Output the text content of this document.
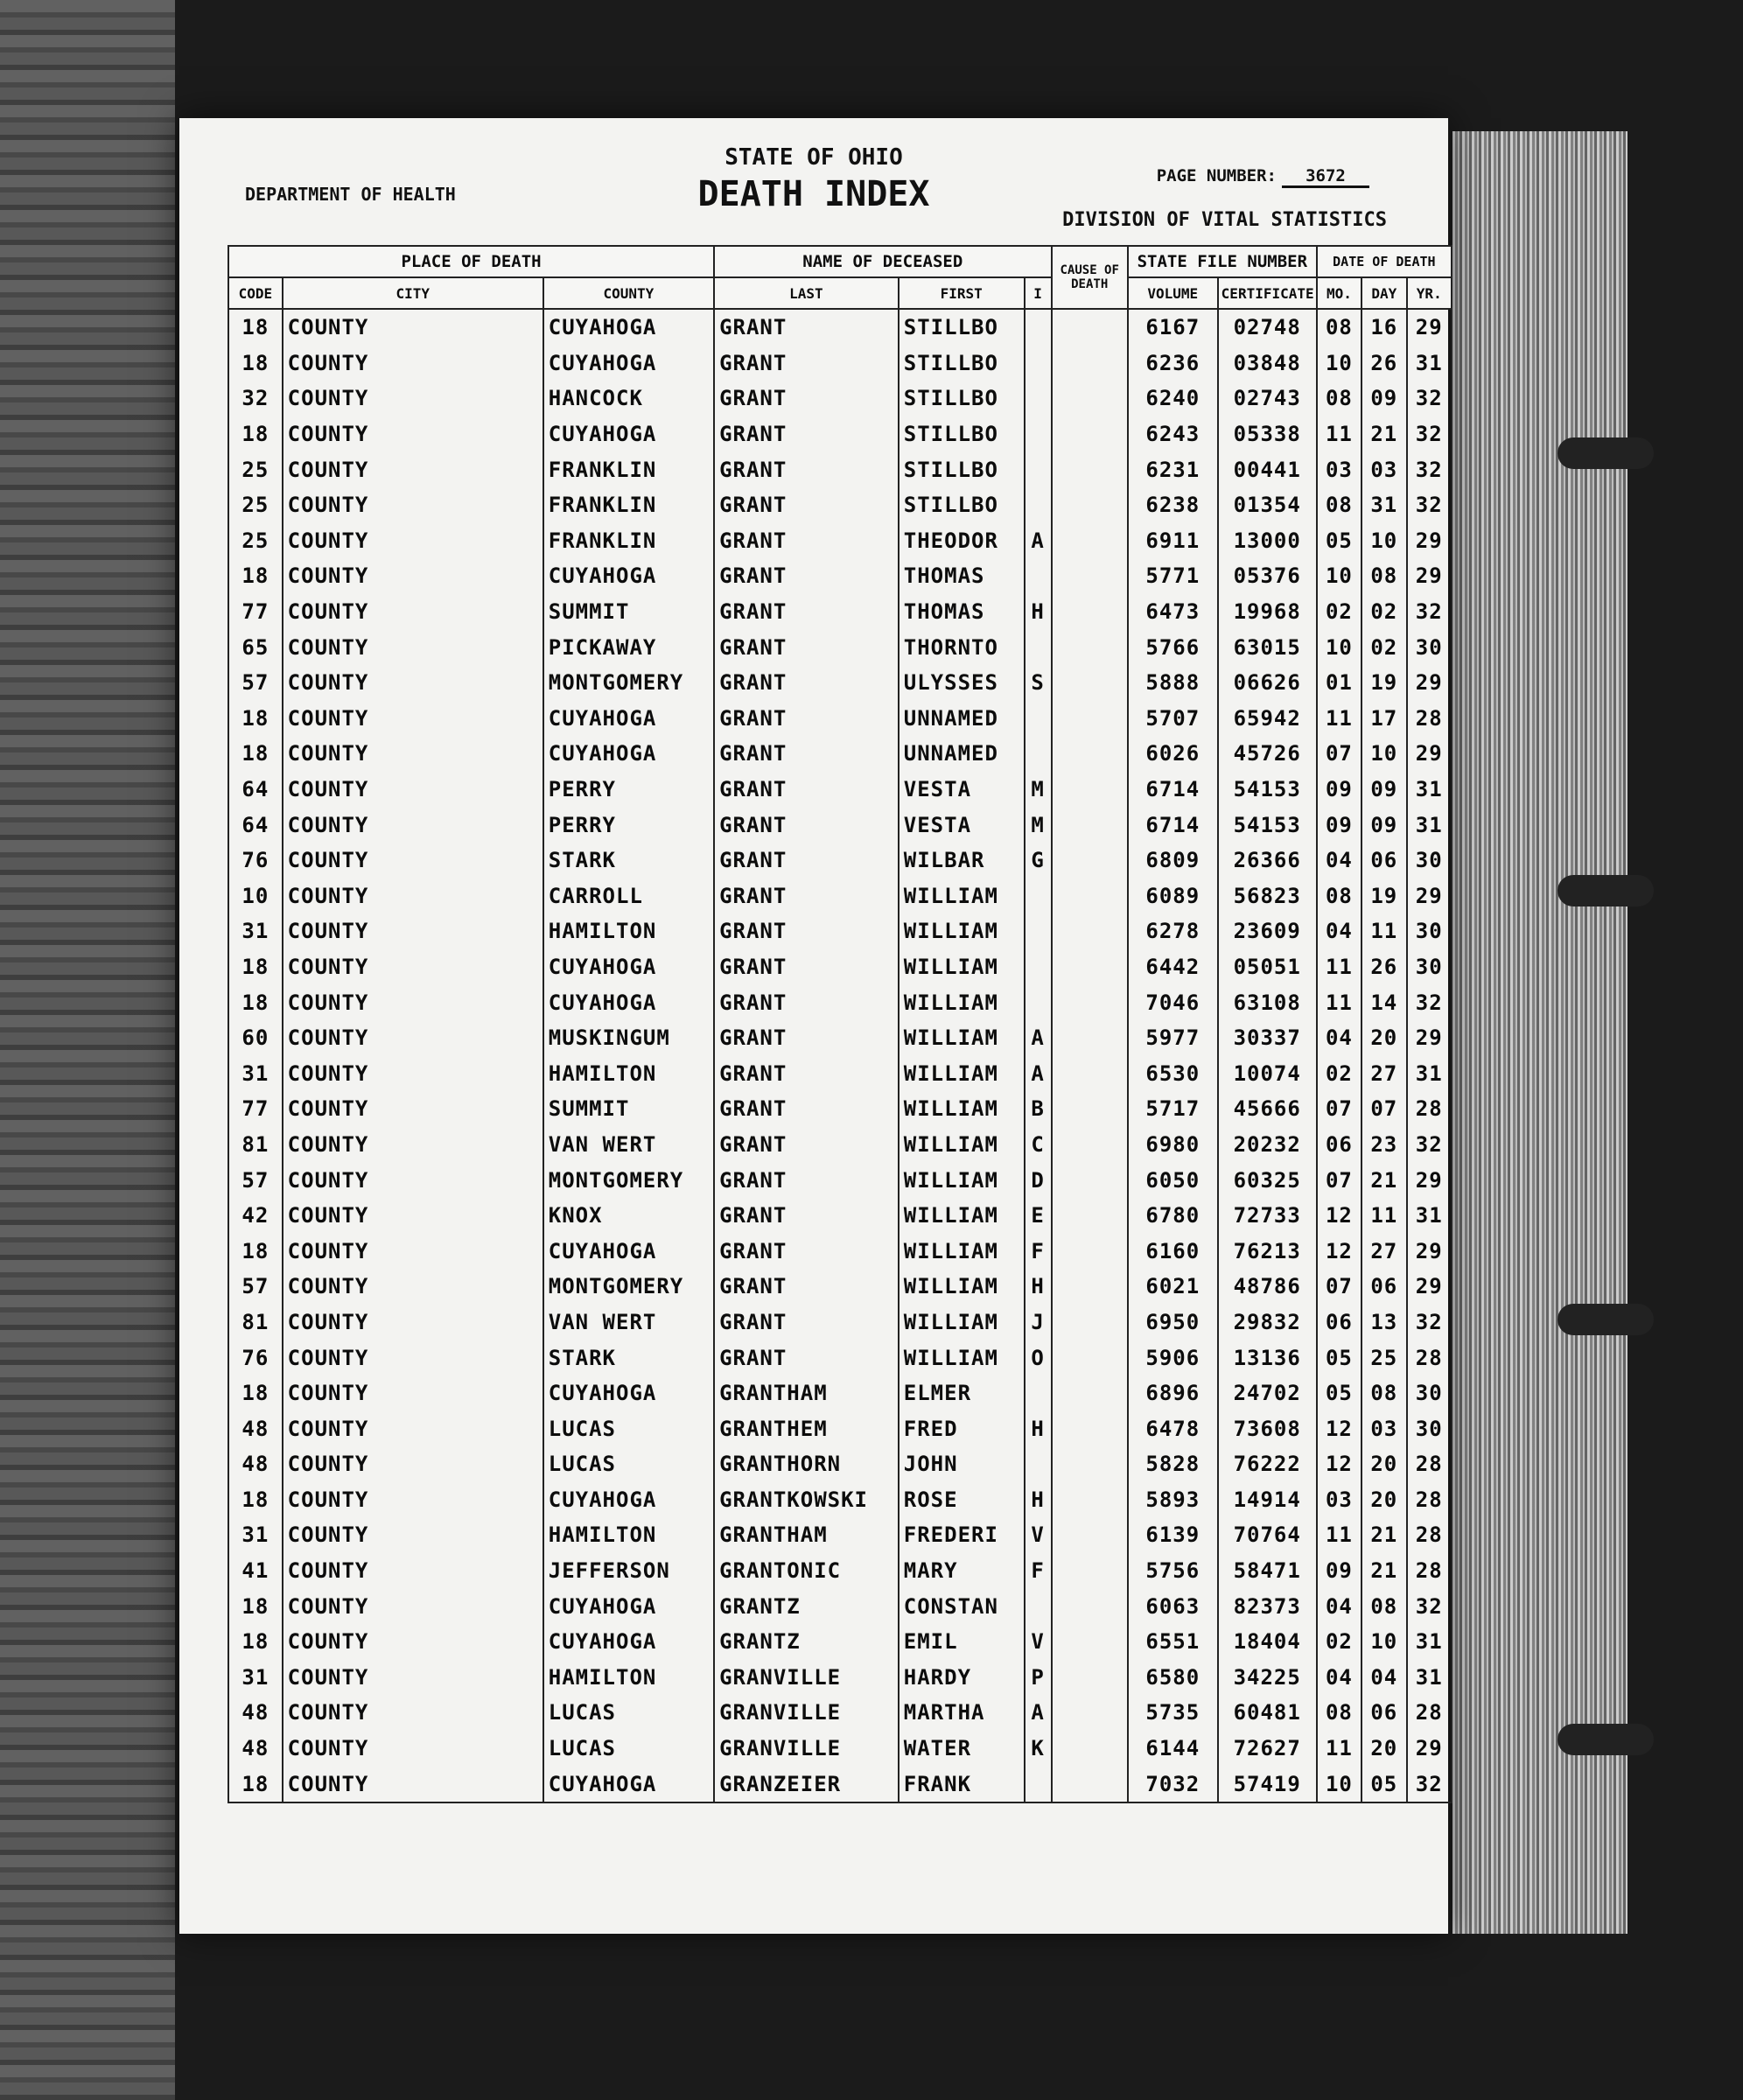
STATE OF OHIO
DEATH INDEX
DEPARTMENT OF HEALTH
PAGE NUMBER: 3672
DIVISION OF VITAL STATISTICS
PLACE OF DEATH			NAME OF DECEASED			CAUSE OF DEATH	STATE FILE NUMBER		DATE OF DEATH		
CODE	CITY	COUNTY	LAST	FIRST	I		VOLUME	CERTIFICATE	MO.	DAY	YR.
18	COUNTY	CUYAHOGA	GRANT	STILLBO			6167	02748	08	16	29
18	COUNTY	CUYAHOGA	GRANT	STILLBO			6236	03848	10	26	31
32	COUNTY	HANCOCK	GRANT	STILLBO			6240	02743	08	09	32
18	COUNTY	CUYAHOGA	GRANT	STILLBO			6243	05338	11	21	32
25	COUNTY	FRANKLIN	GRANT	STILLBO			6231	00441	03	03	32
25	COUNTY	FRANKLIN	GRANT	STILLBO			6238	01354	08	31	32
25	COUNTY	FRANKLIN	GRANT	THEODOR	A		6911	13000	05	10	29
18	COUNTY	CUYAHOGA	GRANT	THOMAS			5771	05376	10	08	29
77	COUNTY	SUMMIT	GRANT	THOMAS	H		6473	19968	02	02	32
65	COUNTY	PICKAWAY	GRANT	THORNTO			5766	63015	10	02	30
57	COUNTY	MONTGOMERY	GRANT	ULYSSES	S		5888	06626	01	19	29
18	COUNTY	CUYAHOGA	GRANT	UNNAMED			5707	65942	11	17	28
18	COUNTY	CUYAHOGA	GRANT	UNNAMED			6026	45726	07	10	29
64	COUNTY	PERRY	GRANT	VESTA	M		6714	54153	09	09	31
64	COUNTY	PERRY	GRANT	VESTA	M		6714	54153	09	09	31
76	COUNTY	STARK	GRANT	WILBAR	G		6809	26366	04	06	30
10	COUNTY	CARROLL	GRANT	WILLIAM			6089	56823	08	19	29
31	COUNTY	HAMILTON	GRANT	WILLIAM			6278	23609	04	11	30
18	COUNTY	CUYAHOGA	GRANT	WILLIAM			6442	05051	11	26	30
18	COUNTY	CUYAHOGA	GRANT	WILLIAM			7046	63108	11	14	32
60	COUNTY	MUSKINGUM	GRANT	WILLIAM	A		5977	30337	04	20	29
31	COUNTY	HAMILTON	GRANT	WILLIAM	A		6530	10074	02	27	31
77	COUNTY	SUMMIT	GRANT	WILLIAM	B		5717	45666	07	07	28
81	COUNTY	VAN WERT	GRANT	WILLIAM	C		6980	20232	06	23	32
57	COUNTY	MONTGOMERY	GRANT	WILLIAM	D		6050	60325	07	21	29
42	COUNTY	KNOX	GRANT	WILLIAM	E		6780	72733	12	11	31
18	COUNTY	CUYAHOGA	GRANT	WILLIAM	F		6160	76213	12	27	29
57	COUNTY	MONTGOMERY	GRANT	WILLIAM	H		6021	48786	07	06	29
81	COUNTY	VAN WERT	GRANT	WILLIAM	J		6950	29832	06	13	32
76	COUNTY	STARK	GRANT	WILLIAM	O		5906	13136	05	25	28
18	COUNTY	CUYAHOGA	GRANTHAM	ELMER			6896	24702	05	08	30
48	COUNTY	LUCAS	GRANTHEM	FRED	H		6478	73608	12	03	30
48	COUNTY	LUCAS	GRANTHORN	JOHN			5828	76222	12	20	28
18	COUNTY	CUYAHOGA	GRANTKOWSKI	ROSE	H		5893	14914	03	20	28
31	COUNTY	HAMILTON	GRANTHAM	FREDERI	V		6139	70764	11	21	28
41	COUNTY	JEFFERSON	GRANTONIC	MARY	F		5756	58471	09	21	28
18	COUNTY	CUYAHOGA	GRANTZ	CONSTAN			6063	82373	04	08	32
18	COUNTY	CUYAHOGA	GRANTZ	EMIL	V		6551	18404	02	10	31
31	COUNTY	HAMILTON	GRANVILLE	HARDY	P		6580	34225	04	04	31
48	COUNTY	LUCAS	GRANVILLE	MARTHA	A		5735	60481	08	06	28
48	COUNTY	LUCAS	GRANVILLE	WATER	K		6144	72627	11	20	29
18	COUNTY	CUYAHOGA	GRANZEIER	FRANK			7032	57419	10	05	32
